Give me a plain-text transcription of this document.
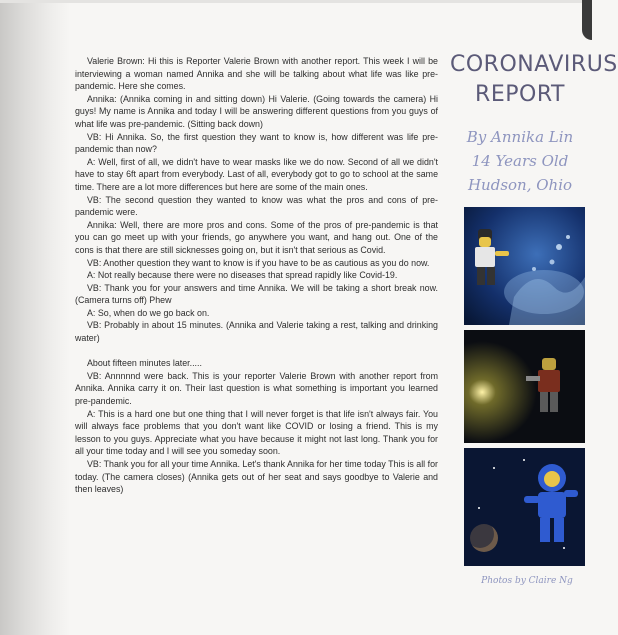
Valerie Brown: Hi this is Reporter Valerie Brown with another report. This week I will be interviewing a woman named Annika and she will be talking about what life was like pre-pandemic. Here she comes.

Annika: (Annika coming in and sitting down) Hi Valerie. (Going towards the camera) Hi guys! My name is Annika and today I will be answering different questions from you guys of what life was pre-pandemic. (Sitting back down)

VB: Hi Annika. So, the first question they want to know is, how different was life pre-pandemic than now?

A: Well, first of all, we didn't have to wear masks like we do now. Second of all we didn't have to stay 6ft apart from everybody. Last of all, everybody got to go to school at the same time. There are a lot more differences but here are some of the main ones.

VB: The second question they wanted to know was what the pros and cons of pre-pandemic were.

Annika: Well, there are more pros and cons. Some of the pros of pre-pandemic is that you can go meet up with your friends, go anywhere you want, and hang out. One of the cons is that there are still sicknesses going on, but it isn't that serious as Covid.

VB: Another question they want to know is if you have to be as cautious as you do now.

A: Not really because there were no diseases that spread rapidly like Covid-19.

VB: Thank you for your answers and time Annika. We will be taking a short break now. (Camera turns off) Phew

A: So, when do we go back on.

VB: Probably in about 15 minutes. (Annika and Valerie taking a rest, talking and drinking water)

About fifteen minutes later.....

VB: Annnnnd were back. This is your reporter Valerie Brown with another report from Annika. Annika carry it on. Their last question is what something is important you learned pre-pandemic.

A: This is a hard one but one thing that I will never forget is that life isn't always fair. You will always face problems that you don't want like COVID or losing a friend. This is my lesson to you guys. Appreciate what you have because it might not last long. Thank you for all your time today and I will see you someday soon.

VB: Thank you for all your time Annika. Let's thank Annika for her time today This is all for today. (The camera closes) (Annika gets out of her seat and says goodbye to Valerie and then leaves)

CORONAVIRUS
REPORT
By Annika Lin
14 Years Old
Hudson, Ohio
Photos by Claire Ng
